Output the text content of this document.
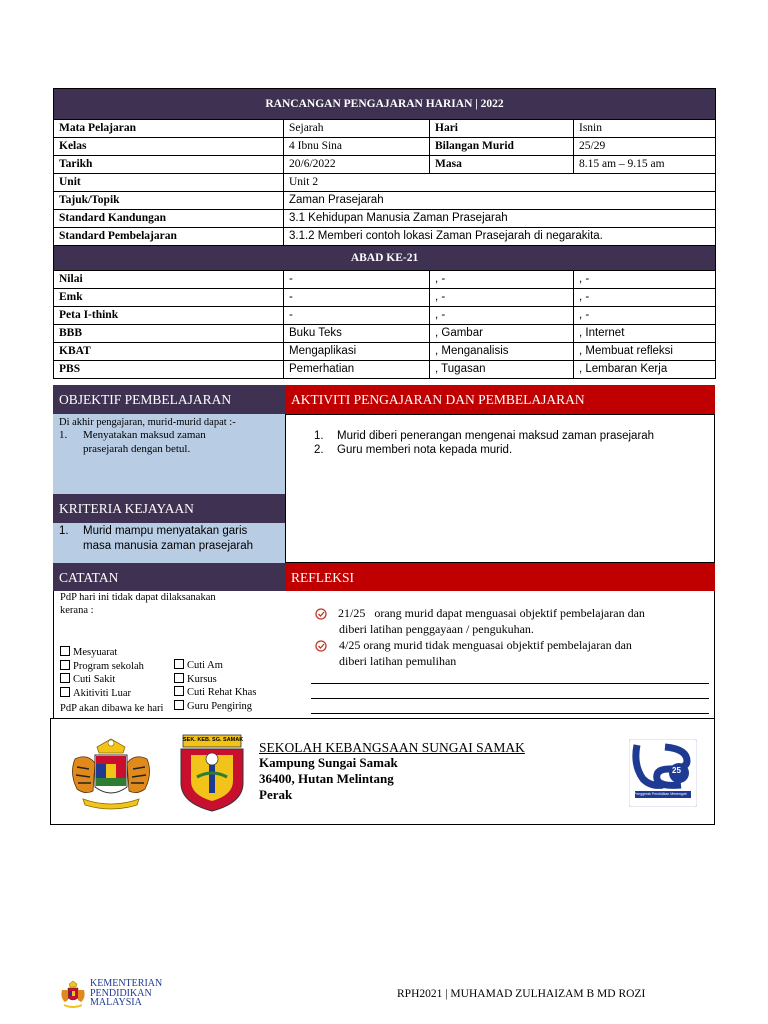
RANCANGAN PENGAJARAN HARIAN | 2022			
Mata Pelajaran	Sejarah	Hari	Isnin
Kelas	4 Ibnu Sina	Bilangan Murid	25/29
Tarikh	20/6/2022	Masa	8.15 am – 9.15 am
Unit	Unit 2		
Tajuk/Topik	Zaman Prasejarah		
Standard Kandungan	3.1 Kehidupan Manusia Zaman Prasejarah		
Standard Pembelajaran	3.1.2 Memberi contoh lokasi Zaman Prasejarah di negarakita.		
ABAD KE-21			
Nilai	-	, -	, -
Emk	-	, -	, -
Peta I-think	-	, -	, -
BBB	Buku Teks	, Gambar	, Internet
KBAT	Mengaplikasi	, Menganalisis	, Membuat refleksi
PBS	Pemerhatian	, Tugasan	, Lembaran Kerja
OBJEKTIF PEMBELAJARAN	AKTIVITI PENGAJARAN DAN PEMBELAJARAN
Di akhir pengajaran, murid-murid dapat :-
1. Menyatakan maksud zaman
prasejarah dengan betul.
1. Murid diberi penerangan mengenai maksud zaman prasejarah
2. Guru memberi nota kepada murid.
KRITERIA KEJAYAAN
1. Murid mampu menyatakan garis
masa manusia zaman prasejarah
CATATAN	REFLEKSI
PdP hari ini tidak dapat dilaksanakan
kerana :
Mesyuarat
Program sekolah
Cuti Sakit
Akitiviti Luar
Cuti Am
Kursus
Cuti Rehat Khas
Guru Pengiring
PdP akan dibawa ke hari
21/25   orang murid dapat menguasai objektif pembelajaran dan
diberi latihan penggayaan / pengukuhan.
4/25 orang murid tidak menguasai objektif pembelajaran dan
diberi latihan pemulihan
SEK. KEB. SG. SAMAK SEKOLAH KEBANGSAAN SUNGAI SAMAK
Kampung Sungai Samak
36400, Hutan Melintang
Perak
25
Penggerak Pendidikan Menengah
KEMENTERIAN
PENDIDIKAN
MALAYSIA
RPH2021 | MUHAMAD ZULHAIZAM B MD ROZI
